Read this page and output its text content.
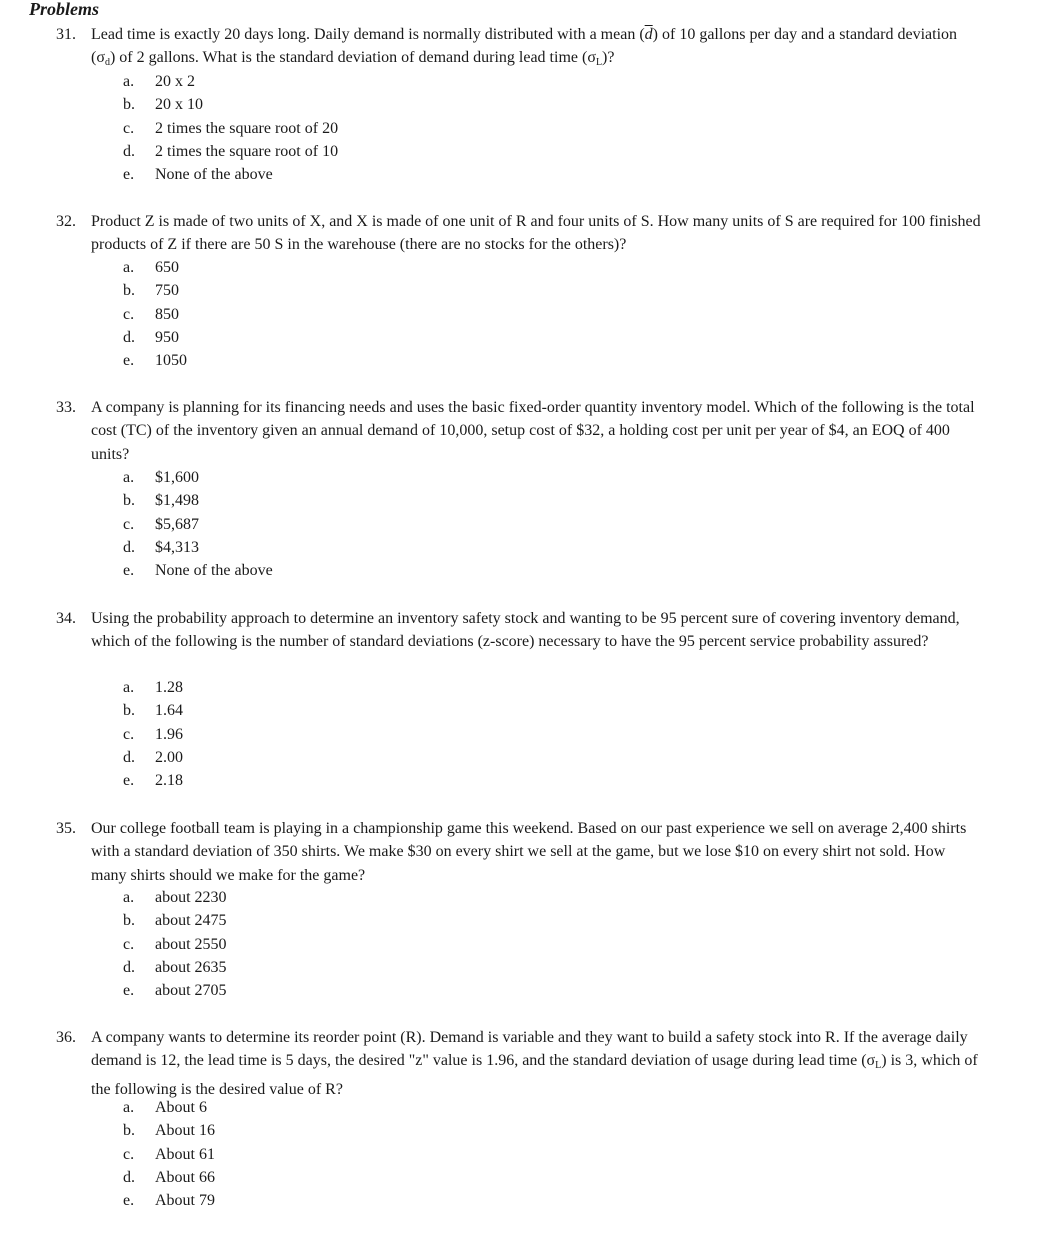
Problems
31. Lead time is exactly 20 days long. Daily demand is normally distributed with a mean $(\overline{d})$ of 10 gallons per day and a standard deviation $(\sigma_d)$ of 2 gallons. What is the standard deviation of demand during lead time $(\sigma_L)$?

a. 20 x 2
b. 20 x 10
c. 2 times the square root of 20
d. 2 times the square root of 10
e. None of the above
32. Product Z is made of two units of X, and X is made of one unit of R and four units of S. How many units of S are required for 100 finished products of Z if there are 50 S in the warehouse (there are no stocks for the others)?

a. 650
b. 750
c. 850
d. 950
e. 1050
33. A company is planning for its financing needs and uses the basic fixed-order quantity inventory model. Which of the following is the total cost (TC) of the inventory given an annual demand of 10,000, setup cost of $32, a holding cost per unit per year of $4, an EOQ of 400 units?

a. $1,600
b. $1,498
c. $5,687
d. $4,313
e. None of the above
34. Using the probability approach to determine an inventory safety stock and wanting to be 95 percent sure of covering inventory demand, which of the following is the number of standard deviations (z-score) necessary to have the 95 percent service probability assured?

a. 1.28
b. 1.64
c. 1.96
d. 2.00
e. 2.18
35. Our college football team is playing in a championship game this weekend. Based on our past experience we sell on average 2,400 shirts with a standard deviation of 350 shirts. We make $30 on every shirt we sell at the game, but we lose $10 on every shirt not sold. How many shirts should we make for the game?

a. about 2230
b. about 2475
c. about 2550
d. about 2635
e. about 2705
36. A company wants to determine its reorder point (R). Demand is variable and they want to build a safety stock into R. If the average daily demand is 12, the lead time is 5 days, the desired "z" value is 1.96, and the standard deviation of usage during lead time $(\sigma_L)$ is 3, which of the following is the desired value of R?

a. About 6
b. About 16
c. About 61
d. About 66
e. About 79
